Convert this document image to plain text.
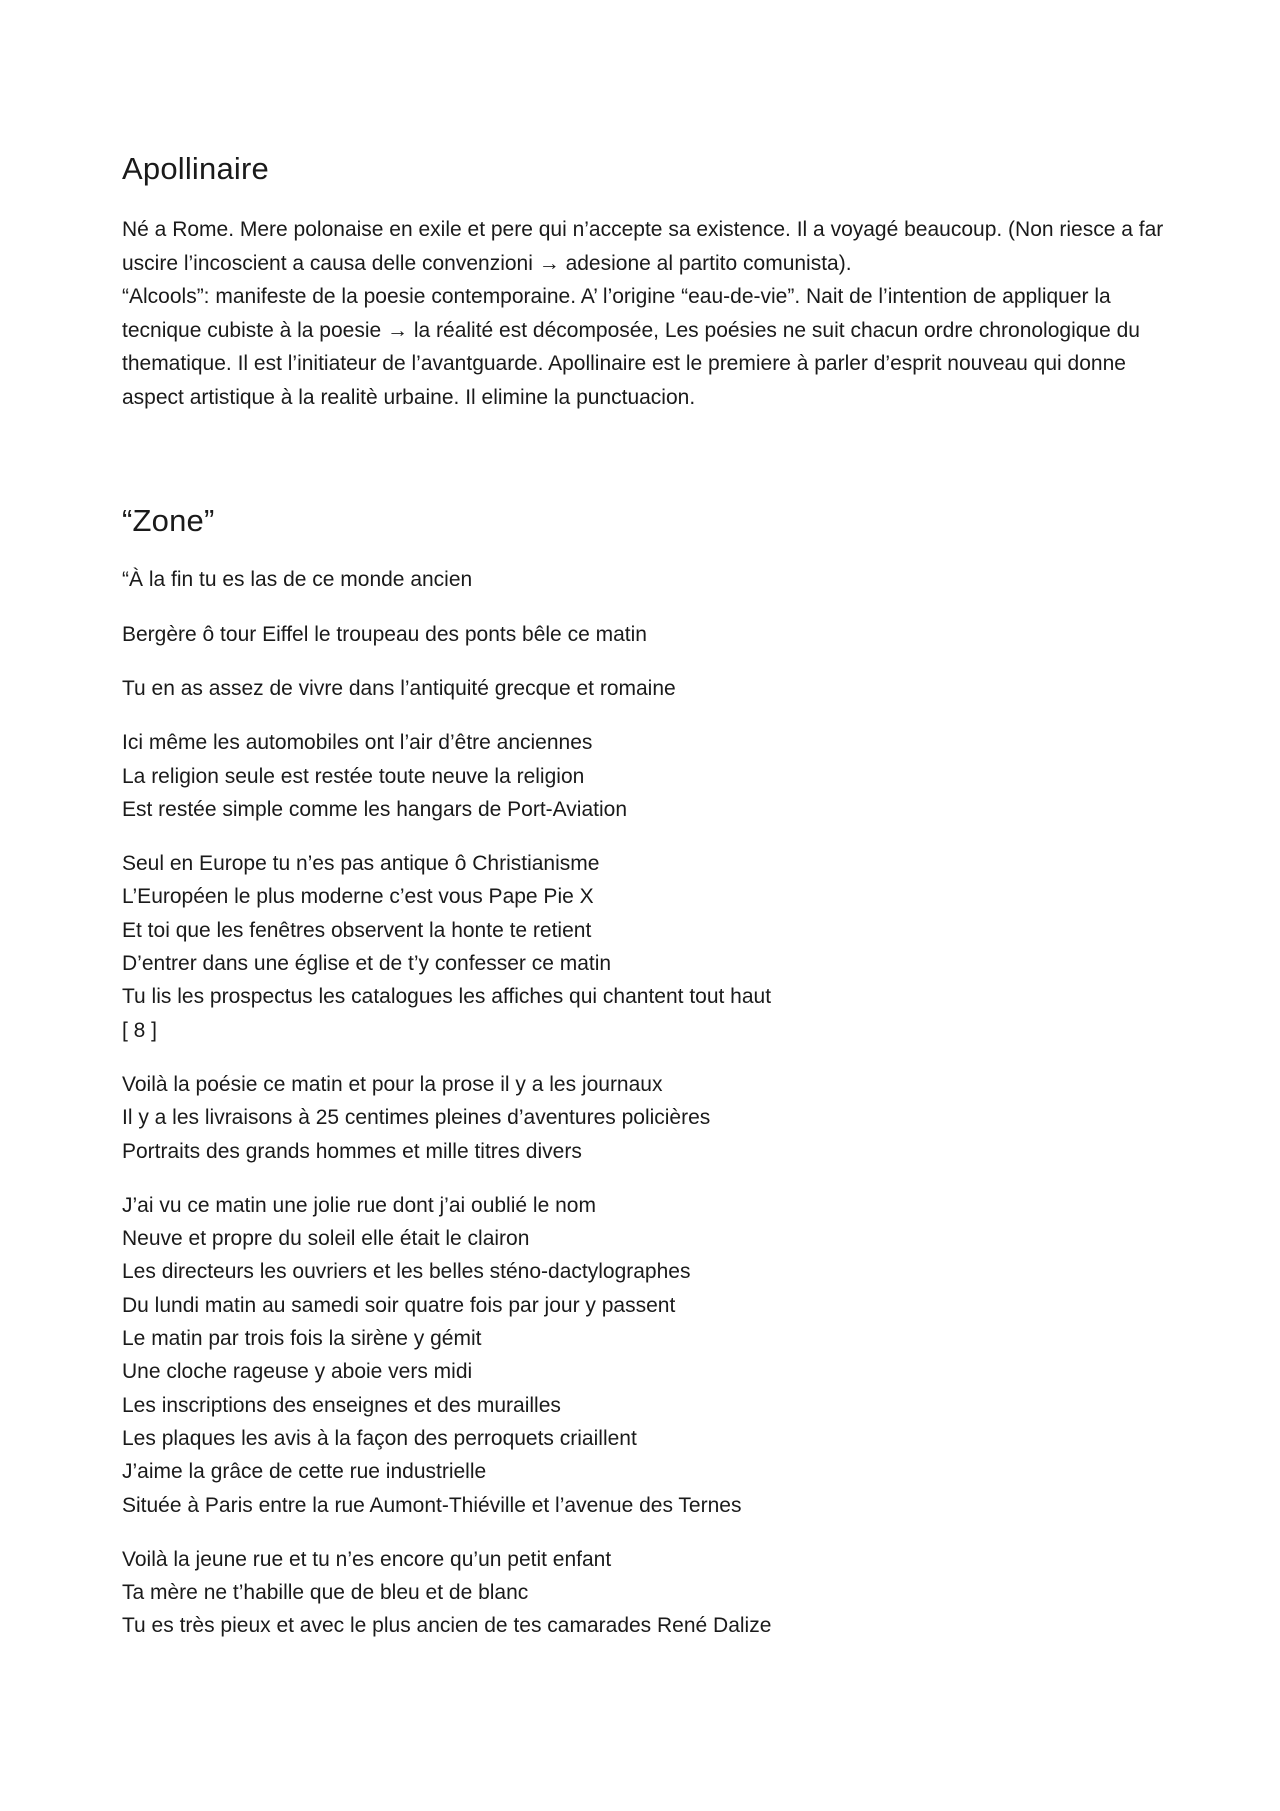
Apollinaire

Né a Rome. Mere polonaise en exile et pere qui n’accepte sa existence. Il a voyagé beaucoup. (Non riesce a far uscire l’incoscient a causa delle convenzioni → adesione al partito comunista).

“Alcools”: manifeste de la poesie contemporaine. A’ l’origine “eau-de-vie”. Nait de l’intention de appliquer la tecnique cubiste à la poesie → la réalité est décomposée, Les poésies ne suit chacun ordre chronologique du thematique. Il est l’initiateur de l’avantguarde. Apollinaire est le premiere à parler d’esprit nouveau qui donne aspect artistique à la realitè urbaine. Il elimine la punctuacion.

“Zone”
“À la fin tu es las de ce monde ancien
Bergère ô tour Eiffel le troupeau des ponts bêle ce matin
Tu en as assez de vivre dans l’antiquité grecque et romaine
Ici même les automobiles ont l’air d’être anciennes
La religion seule est restée toute neuve la religion
Est restée simple comme les hangars de Port-Aviation
Seul en Europe tu n’es pas antique ô Christianisme
L’Européen le plus moderne c’est vous Pape Pie X
Et toi que les fenêtres observent la honte te retient
D’entrer dans une église et de t’y confesser ce matin
Tu lis les prospectus les catalogues les affiches qui chantent tout haut
[ 8 ]
Voilà la poésie ce matin et pour la prose il y a les journaux
Il y a les livraisons à 25 centimes pleines d’aventures policières
Portraits des grands hommes et mille titres divers
J’ai vu ce matin une jolie rue dont j’ai oublié le nom
Neuve et propre du soleil elle était le clairon
Les directeurs les ouvriers et les belles sténo-dactylographes
Du lundi matin au samedi soir quatre fois par jour y passent
Le matin par trois fois la sirène y gémit
Une cloche rageuse y aboie vers midi
Les inscriptions des enseignes et des murailles
Les plaques les avis à la façon des perroquets criaillent
J’aime la grâce de cette rue industrielle
Située à Paris entre la rue Aumont-Thiéville et l’avenue des Ternes
Voilà la jeune rue et tu n’es encore qu’un petit enfant
Ta mère ne t’habille que de bleu et de blanc
Tu es très pieux et avec le plus ancien de tes camarades René Dalize
